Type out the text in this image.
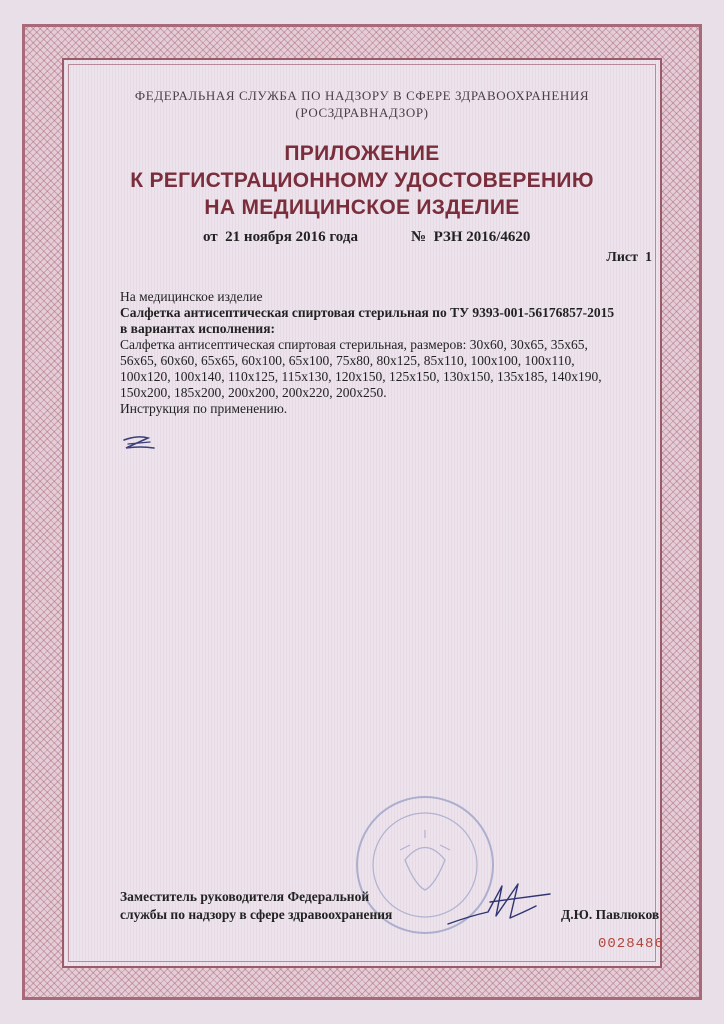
ФЕДЕРАЛЬНАЯ СЛУЖБА ПО НАДЗОРУ В СФЕРЕ ЗДРАВООХРАНЕНИЯ
(РОСЗДРАВНАДЗОР)
ПРИЛОЖЕНИЕ
К РЕГИСТРАЦИОННОМУ УДОСТОВЕРЕНИЮ
НА МЕДИЦИНСКОЕ ИЗДЕЛИЕ
от  21 ноября 2016 года	№  РЗН 2016/4620
Лист  1
На медицинское изделие
Салфетка антисептическая спиртовая стерильная по ТУ 9393-001-56176857-2015
в вариантах исполнения:
Салфетка антисептическая спиртовая стерильная, размеров: 30х60, 30х65, 35х65,
56х65, 60х60, 65х65, 60х100, 65х100, 75х80, 80х125, 85х110, 100х100, 100х110,
100х120, 100х140, 110х125, 115х130, 120х150, 125х150, 130х150, 135х185, 140х190,
150х200, 185х200, 200х200, 200х220, 200х250.
Инструкция по применению.
Заместитель руководителя Федеральной
службы по надзору в сфере здравоохранения	Д.Ю. Павлюков
0028486
